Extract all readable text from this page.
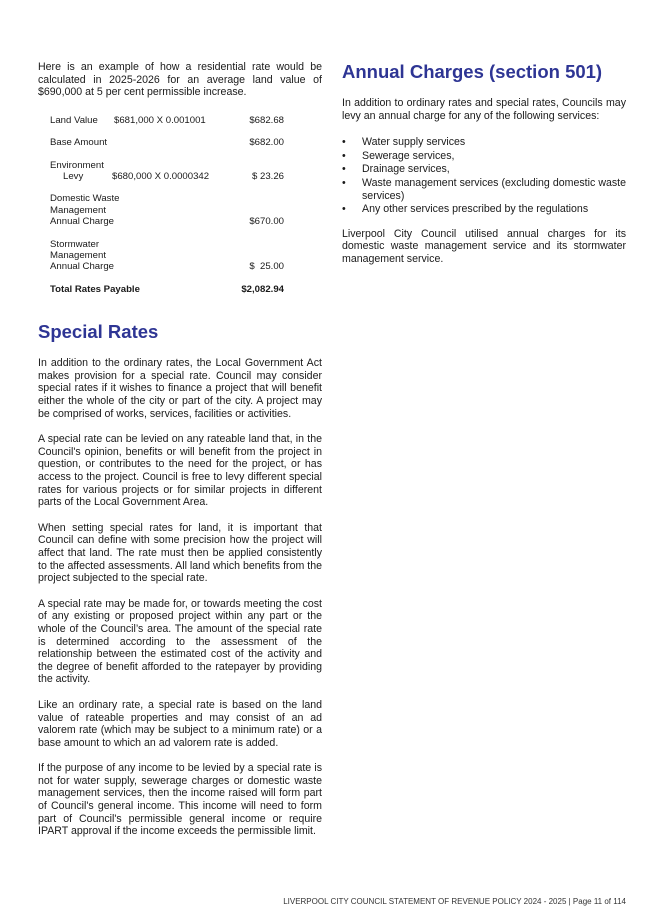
Here is an example of how a residential rate would be calculated in 2025-2026 for an average land value of $690,000 at 5 per cent permissible increase.

Land Value $681,000 X 0.001001	$682.68
Base Amount	$682.00
Environment
Levy	$680,000 X 0.0000342	$ 23.26
Domestic Waste
Management
Annual Charge	$670.00
Stormwater
Management
Annual Charge	$  25.00
Total Rates Payable	$2,082.94
Special Rates

In addition to the ordinary rates, the Local Government Act makes provision for a special rate. Council may consider special rates if it wishes to finance a project that will benefit either the whole of the city or part of the city. A project may be comprised of works, services, facilities or activities.

A special rate can be levied on any rateable land that, in the Council's opinion, benefits or will benefit from the project in question, or contributes to the need for the project, or has access to the project. Council is free to levy different special rates for various projects or for similar projects in different parts of the Local Government Area.

When setting special rates for land, it is important that Council can define with some precision how the project will affect that land. The rate must then be applied consistently to the affected assessments. All land which benefits from the project subjected to the special rate.

A special rate may be made for, or towards meeting the cost of any existing or proposed project within any part or the whole of the Council’s area. The amount of the special rate is determined according to the assessment of the relationship between the estimated cost of the activity and the degree of benefit afforded to the ratepayer by providing the activity.

Like an ordinary rate, a special rate is based on the land value of rateable properties and may consist of an ad valorem rate (which may be subject to a minimum rate) or a base amount to which an ad valorem rate is added.

If the purpose of any income to be levied by a special rate is not for water supply, sewerage charges or domestic waste management services, then the income raised will form part of Council's general income. This income will need to form part of Council's permissible general income or require IPART approval if the income exceeds the permissible limit.

Annual Charges (section 501)

In addition to ordinary rates and special rates, Councils may levy an annual charge for any of the following services:

• Water supply services
• Sewerage services,
• Drainage services,
• Waste management services (excluding domestic waste services)
• Any other services prescribed by the regulations

Liverpool City Council utilised annual charges for its domestic waste management service and its stormwater management service.

LIVERPOOL CITY COUNCIL STATEMENT OF REVENUE POLICY 2024 - 2025 | Page 11 of 114
